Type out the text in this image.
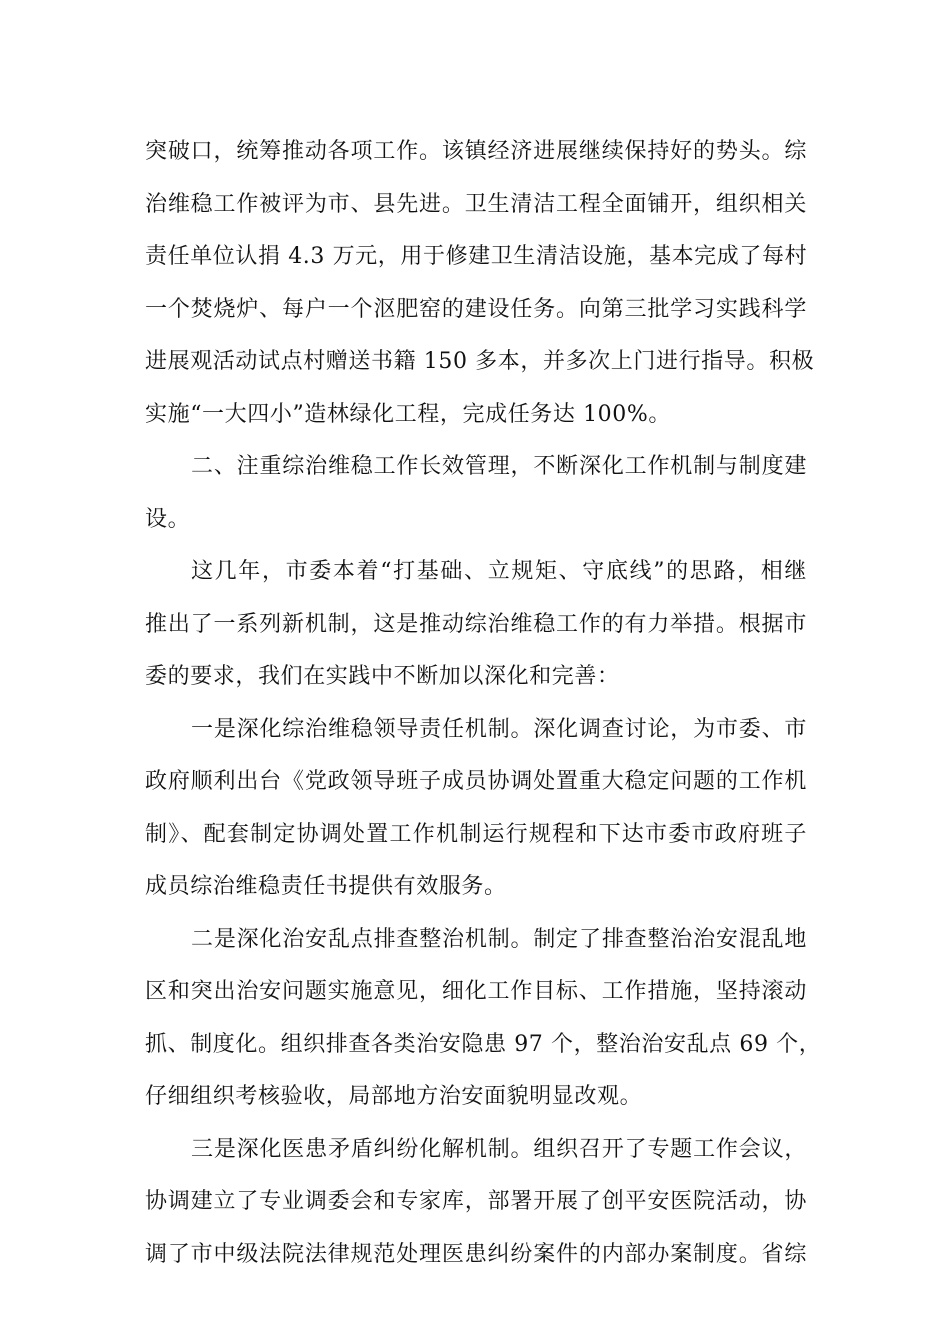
突破口，统筹推动各项工作。该镇经济进展继续保持好的势头。综
治维稳工作被评为市、县先进。卫生清洁工程全面铺开，组织相关
责任单位认捐 4.3 万元，用于修建卫生清洁设施，基本完成了每村
一个焚烧炉、每户一个沤肥窑的建设任务。向第三批学习实践科学
进展观活动试点村赠送书籍 150 多本，并多次上门进行指导。积极
实施“一大四小”造林绿化工程，完成任务达 100%。
二、注重综治维稳工作长效管理，不断深化工作机制与制度建
设。
这几年，市委本着“打基础、立规矩、守底线”的思路，相继
推出了一系列新机制，这是推动综治维稳工作的有力举措。根据市
委的要求，我们在实践中不断加以深化和完善：
一是深化综治维稳领导责任机制。深化调查讨论，为市委、市
政府顺利出台《党政领导班子成员协调处置重大稳定问题的工作机
制》、配套制定协调处置工作机制运行规程和下达市委市政府班子
成员综治维稳责任书提供有效服务。
二是深化治安乱点排查整治机制。制定了排查整治治安混乱地
区和突出治安问题实施意见，细化工作目标、工作措施，坚持滚动
抓、制度化。组织排查各类治安隐患 97 个，整治治安乱点 69 个，
仔细组织考核验收，局部地方治安面貌明显改观。
三是深化医患矛盾纠纷化解机制。组织召开了专题工作会议，
协调建立了专业调委会和专家库，部署开展了创平安医院活动，协
调了市中级法院法律规范处理医患纠纷案件的内部办案制度。省综
